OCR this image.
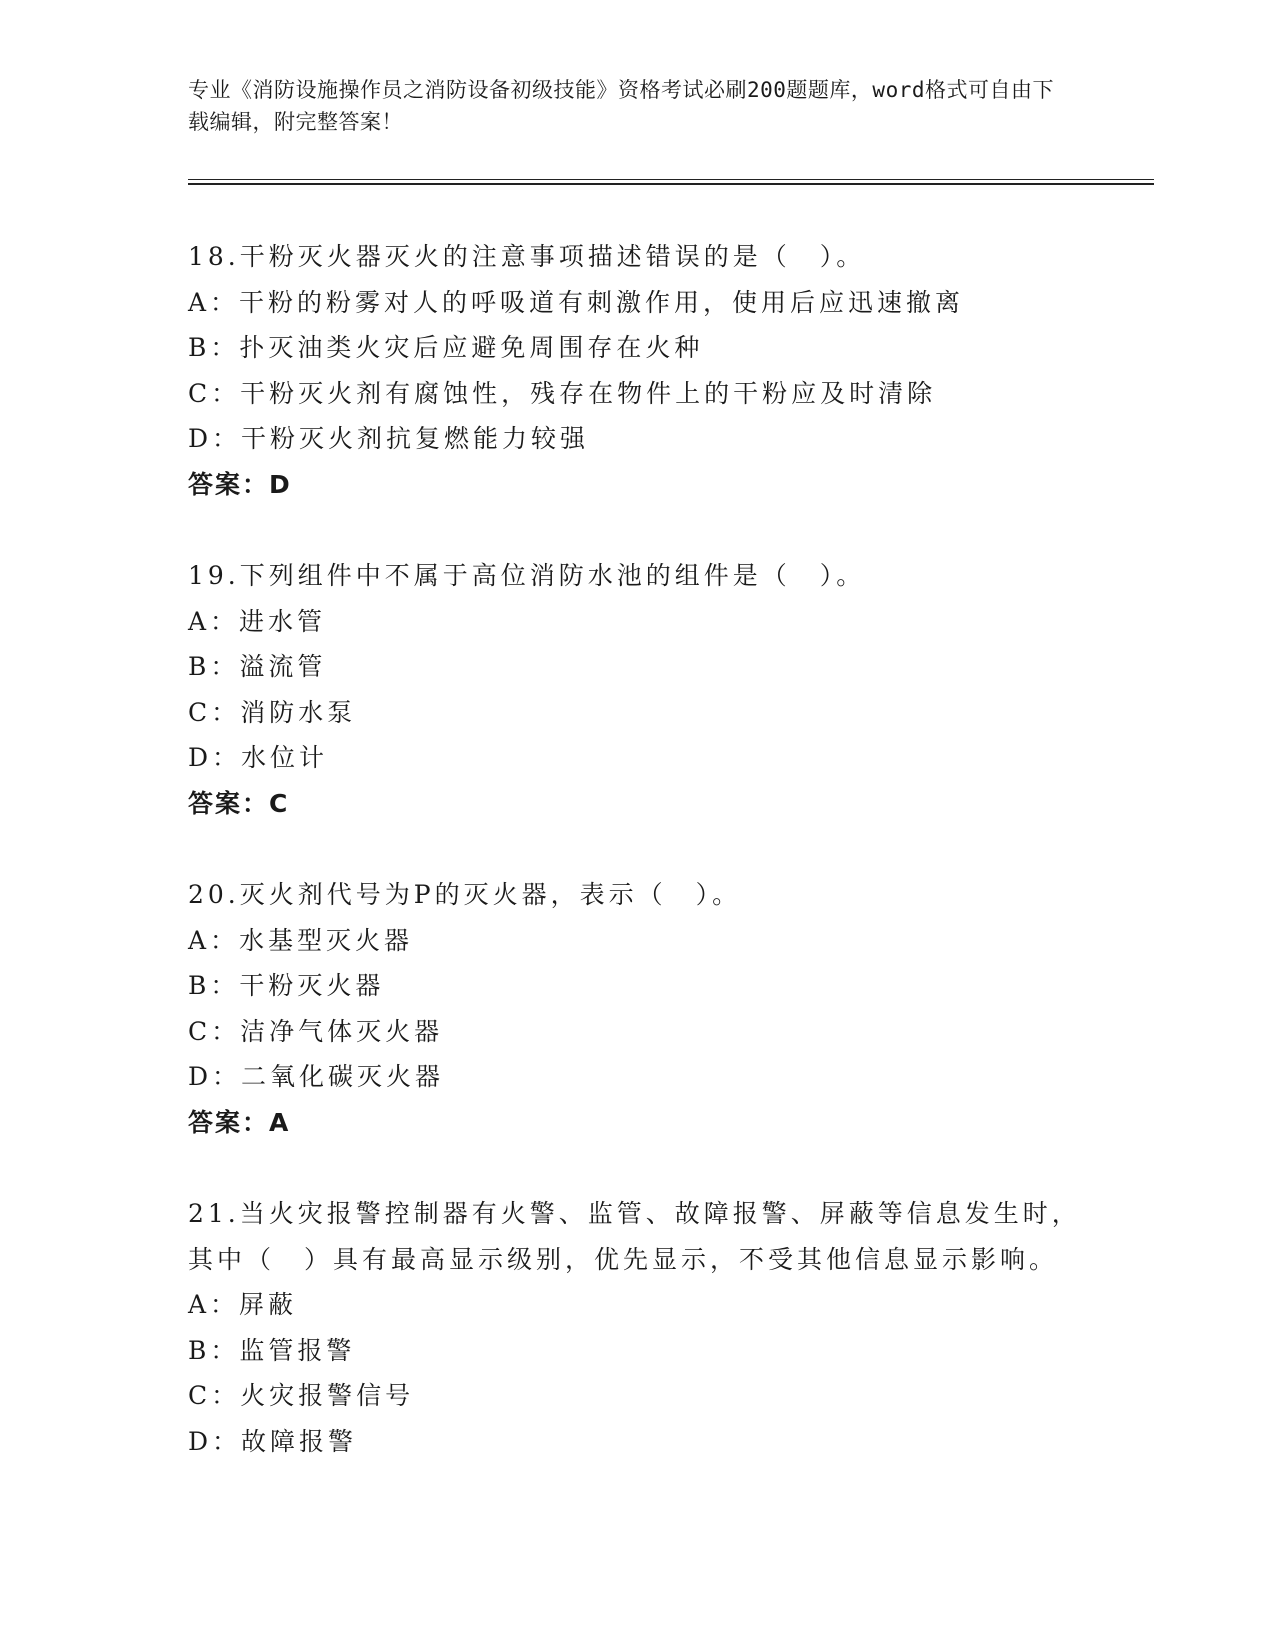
专业《消防设施操作员之消防设备初级技能》资格考试必刷200题题库，word格式可自由下载编辑，附完整答案！
18.干粉灭火器灭火的注意事项描述错误的是（　）。
A：干粉的粉雾对人的呼吸道有刺激作用，使用后应迅速撤离
B：扑灭油类火灾后应避免周围存在火种
C：干粉灭火剂有腐蚀性，残存在物件上的干粉应及时清除
D：干粉灭火剂抗复燃能力较强
答案：D
19.下列组件中不属于高位消防水池的组件是（　）。
A：进水管
B：溢流管
C：消防水泵
D：水位计
答案：C
20.灭火剂代号为P的灭火器，表示（　）。
A：水基型灭火器
B：干粉灭火器
C：洁净气体灭火器
D：二氧化碳灭火器
答案：A
21.当火灾报警控制器有火警、监管、故障报警、屏蔽等信息发生时，
其中（　）具有最高显示级别，优先显示，不受其他信息显示影响。
A：屏蔽
B：监管报警
C：火灾报警信号
D：故障报警
